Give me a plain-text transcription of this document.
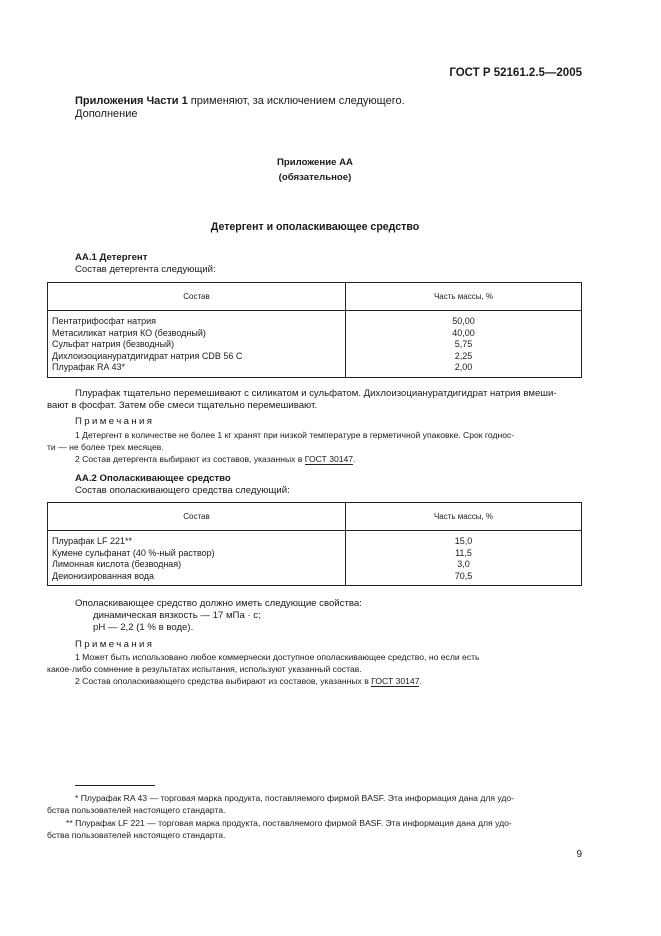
ГОСТ Р 52161.2.5—2005
Приложения Части 1 применяют, за исключением следующего.
Дополнение
Приложение АА
(обязательное)
Детергент и ополаскивающее средство
АА.1 Детергент
Состав детергента следующий:
Состав	Часть массы, %
Пентатрифосфат натрия	50,00
Метасиликат натрия КО (безводный)	40,00
Сульфат натрия (безводный)	5,75
Дихлоизоциануратдигидрат натрия CDB 56 С	2,25
Плурафак RA 43*	2,00
Плурафак тщательно перемешивают с силикатом и сульфатом. Дихлоизоциануратдигидрат натрия вмеши-
вают в фосфат. Затем обе смеси тщательно перемешивают.
Примечания
1 Детергент в количестве не более 1 кг хранят при низкой температуре в герметичной упаковке. Срок годнос-
ти — не более трех месяцев.
2 Состав детергента выбирают из составов, указанных в ГОСТ 30147.
АА.2 Ополаскивающее средство
Состав ополаскивающего средства следующий:
Состав	Часть массы, %
Плурафак LF 221**	15,0
Кумене сульфанат (40 %-ный раствор)	11,5
Лимонная кислота (безводная)	3,0
Деионизированная вода	70,5
Ополаскивающее средство должно иметь следующие свойства:
динамическая вязкость — 17 мПа · с;
рН — 2,2 (1 % в воде).
Примечания
1 Может быть использовано любое коммерчески доступное ополаскивающее средство, но если есть
какое-либо сомнение в результатах испытания, используют указанный состав.
2 Состав ополаскивающего средства выбирают из составов, указанных в ГОСТ 30147.
* Плурафак RA 43 — торговая марка продукта, поставляемого фирмой BASF. Эта информация дана для удо-
бства пользователей настоящего стандарта.
** Плурафак LF 221 — торговая марка продукта, поставляемого фирмой BASF. Эта информация дана для удо-
бства пользователей настоящего стандарта.
9
